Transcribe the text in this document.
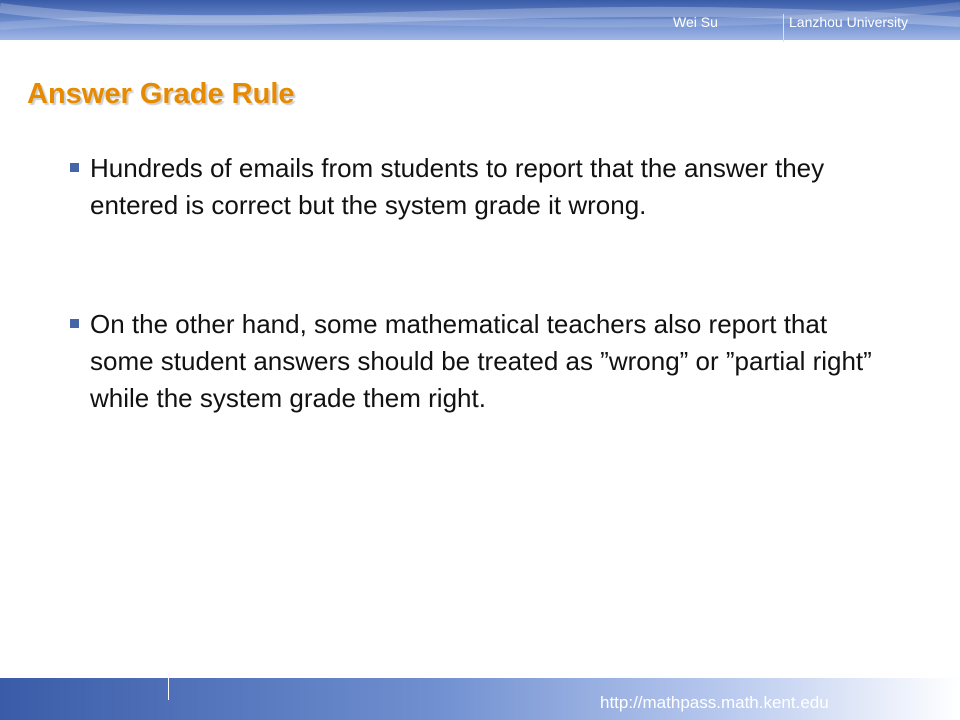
Wei Su	Lanzhou University
Answer Grade Rule
Hundreds of emails from students to report that the answer they entered is correct but the system grade it wrong.
On the other hand, some mathematical teachers also report that some student answers should be treated as ”wrong” or ”partial right” while the system grade them right.
http://mathpass.math.kent.edu
